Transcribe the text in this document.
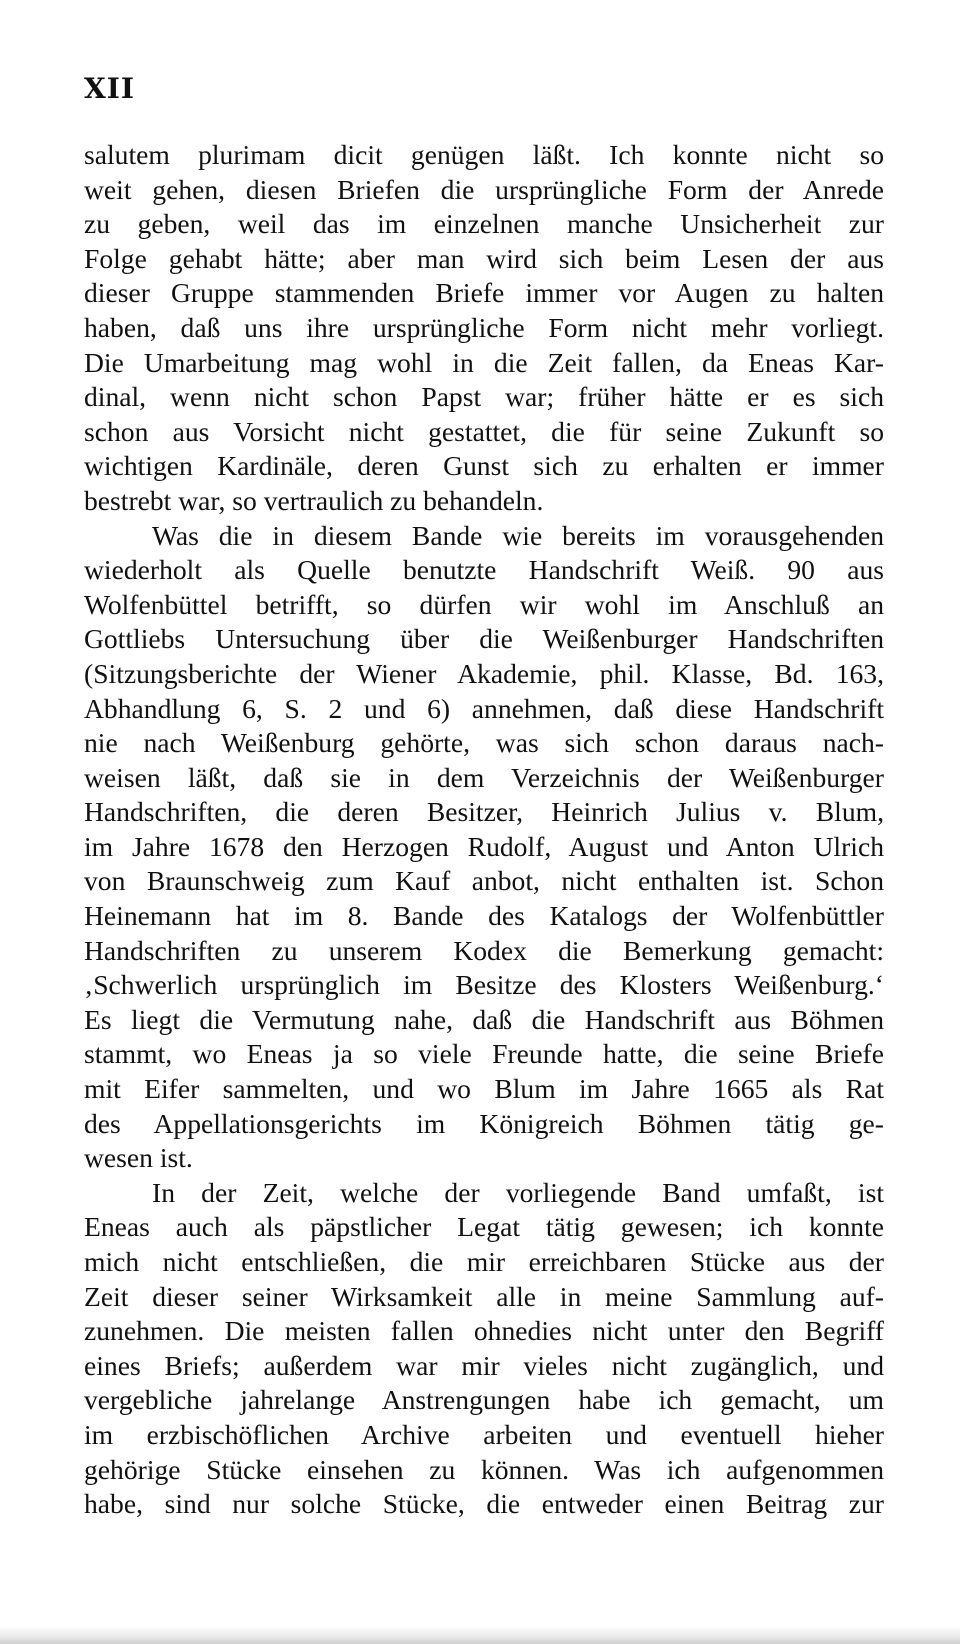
XII
salutem plurimam dicit genügen läßt. Ich konnte nicht so
weit gehen, diesen Briefen die ursprüngliche Form der Anrede
zu geben, weil das im einzelnen manche Unsicherheit zur
Folge gehabt hätte; aber man wird sich beim Lesen der aus
dieser Gruppe stammenden Briefe immer vor Augen zu halten
haben, daß uns ihre ursprüngliche Form nicht mehr vorliegt.
Die Umarbeitung mag wohl in die Zeit fallen, da Eneas Kar-
dinal, wenn nicht schon Papst war; früher hätte er es sich
schon aus Vorsicht nicht gestattet, die für seine Zukunft so
wichtigen Kardinäle, deren Gunst sich zu erhalten er immer
bestrebt war, so vertraulich zu behandeln.
Was die in diesem Bande wie bereits im vorausgehenden
wiederholt als Quelle benutzte Handschrift Weiß. 90 aus
Wolfenbüttel betrifft, so dürfen wir wohl im Anschluß an
Gottliebs Untersuchung über die Weißenburger Handschriften
(Sitzungsberichte der Wiener Akademie, phil. Klasse, Bd. 163,
Abhandlung 6, S. 2 und 6) annehmen, daß diese Handschrift
nie nach Weißenburg gehörte, was sich schon daraus nach-
weisen läßt, daß sie in dem Verzeichnis der Weißenburger
Handschriften, die deren Besitzer, Heinrich Julius v. Blum,
im Jahre 1678 den Herzogen Rudolf, August und Anton Ulrich
von Braunschweig zum Kauf anbot, nicht enthalten ist. Schon
Heinemann hat im 8. Bande des Katalogs der Wolfenbüttler
Handschriften zu unserem Kodex die Bemerkung gemacht:
‚Schwerlich ursprünglich im Besitze des Klosters Weißenburg.‘
Es liegt die Vermutung nahe, daß die Handschrift aus Böhmen
stammt, wo Eneas ja so viele Freunde hatte, die seine Briefe
mit Eifer sammelten, und wo Blum im Jahre 1665 als Rat
des Appellationsgerichts im Königreich Böhmen tätig ge-
wesen ist.
In der Zeit, welche der vorliegende Band umfaßt, ist
Eneas auch als päpstlicher Legat tätig gewesen; ich konnte
mich nicht entschließen, die mir erreichbaren Stücke aus der
Zeit dieser seiner Wirksamkeit alle in meine Sammlung auf-
zunehmen. Die meisten fallen ohnedies nicht unter den Begriff
eines Briefs; außerdem war mir vieles nicht zugänglich, und
vergebliche jahrelange Anstrengungen habe ich gemacht, um
im erzbischöflichen Archive arbeiten und eventuell hieher
gehörige Stücke einsehen zu können. Was ich aufgenommen
habe, sind nur solche Stücke, die entweder einen Beitrag zur
